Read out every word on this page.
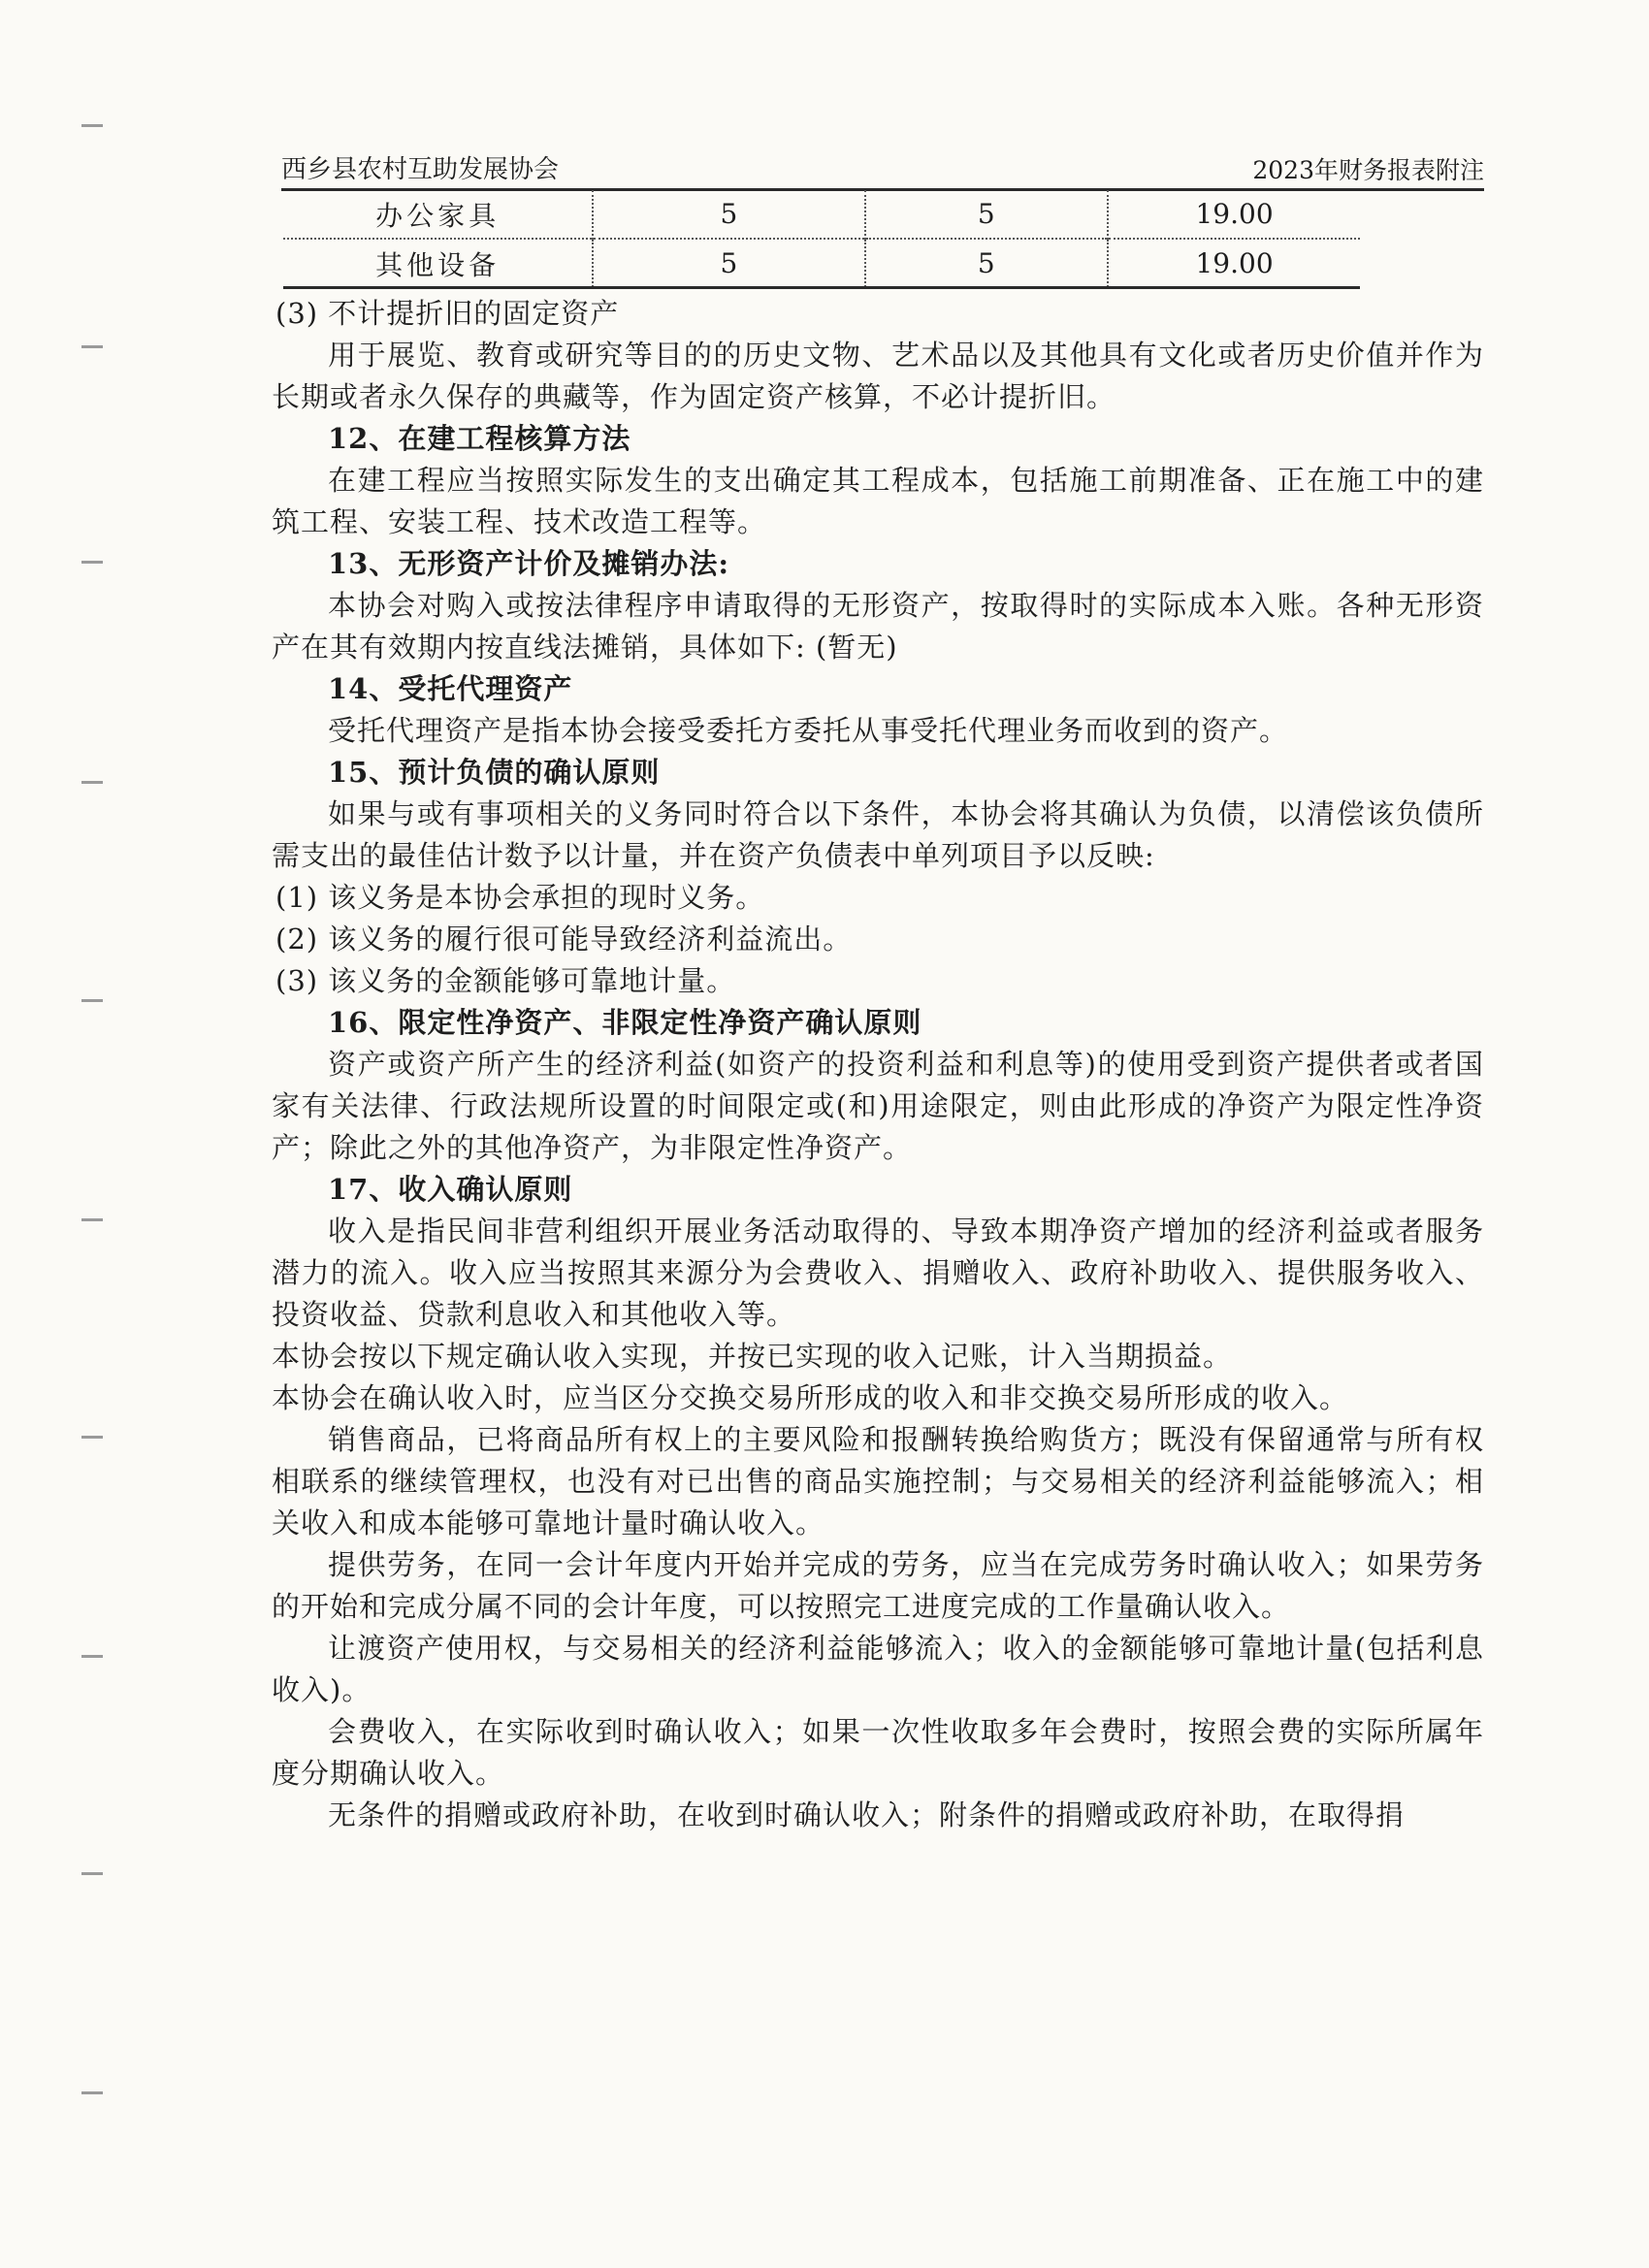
西乡县农村互助发展协会	2023年财务报表附注
办公家具	5	5	19.00
其他设备	5	5	19.00

(3) 不计提折旧的固定资产

用于展览、教育或研究等目的的历史文物、艺术品以及其他具有文化或者历史价值并作为长期或者永久保存的典藏等，作为固定资产核算，不必计提折旧。

12、在建工程核算方法

在建工程应当按照实际发生的支出确定其工程成本，包括施工前期准备、正在施工中的建筑工程、安装工程、技术改造工程等。

13、无形资产计价及摊销办法:

本协会对购入或按法律程序申请取得的无形资产，按取得时的实际成本入账。各种无形资产在其有效期内按直线法摊销，具体如下: (暂无)

14、受托代理资产

受托代理资产是指本协会接受委托方委托从事受托代理业务而收到的资产。

15、预计负债的确认原则

如果与或有事项相关的义务同时符合以下条件，本协会将其确认为负债，以清偿该负债所需支出的最佳估计数予以计量，并在资产负债表中单列项目予以反映:

(1) 该义务是本协会承担的现时义务。

(2) 该义务的履行很可能导致经济利益流出。

(3) 该义务的金额能够可靠地计量。

16、限定性净资产、非限定性净资产确认原则

资产或资产所产生的经济利益(如资产的投资利益和利息等)的使用受到资产提供者或者国家有关法律、行政法规所设置的时间限定或(和)用途限定，则由此形成的净资产为限定性净资产；除此之外的其他净资产，为非限定性净资产。

17、收入确认原则

收入是指民间非营利组织开展业务活动取得的、导致本期净资产增加的经济利益或者服务潜力的流入。收入应当按照其来源分为会费收入、捐赠收入、政府补助收入、提供服务收入、投资收益、贷款利息收入和其他收入等。

本协会按以下规定确认收入实现，并按已实现的收入记账，计入当期损益。

本协会在确认收入时，应当区分交换交易所形成的收入和非交换交易所形成的收入。

销售商品，已将商品所有权上的主要风险和报酬转换给购货方；既没有保留通常与所有权相联系的继续管理权，也没有对已出售的商品实施控制；与交易相关的经济利益能够流入；相关收入和成本能够可靠地计量时确认收入。

提供劳务，在同一会计年度内开始并完成的劳务，应当在完成劳务时确认收入；如果劳务的开始和完成分属不同的会计年度，可以按照完工进度完成的工作量确认收入。

让渡资产使用权，与交易相关的经济利益能够流入；收入的金额能够可靠地计量(包括利息收入)。

会费收入，在实际收到时确认收入；如果一次性收取多年会费时，按照会费的实际所属年度分期确认收入。

无条件的捐赠或政府补助，在收到时确认收入；附条件的捐赠或政府补助，在取得捐
